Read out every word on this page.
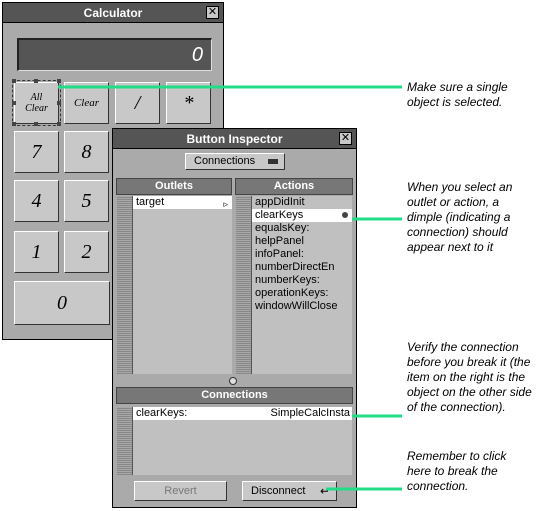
Calculator	✕
0
All Clear	Clear / *
7 8
4 5
1 2
0
Button Inspector	✕
Connections
Outlets	Actions
target	▹ appDidInit
clearKeys
equalsKey:
helpPanel
infoPanel:
numberDirectEn
numberKeys:
operationKeys:
windowWillClose
Connections
clearKeys:	SimpleCalcInsta
Revert	Disconnect ↵
Make sure a single object is selected.
When you select an outlet or action, a dimple (indicating a connection) should appear next to it
Verify the connection before you break it (the item on the right is the object on the other side of the connection).
Remember to click here to break the connection.
